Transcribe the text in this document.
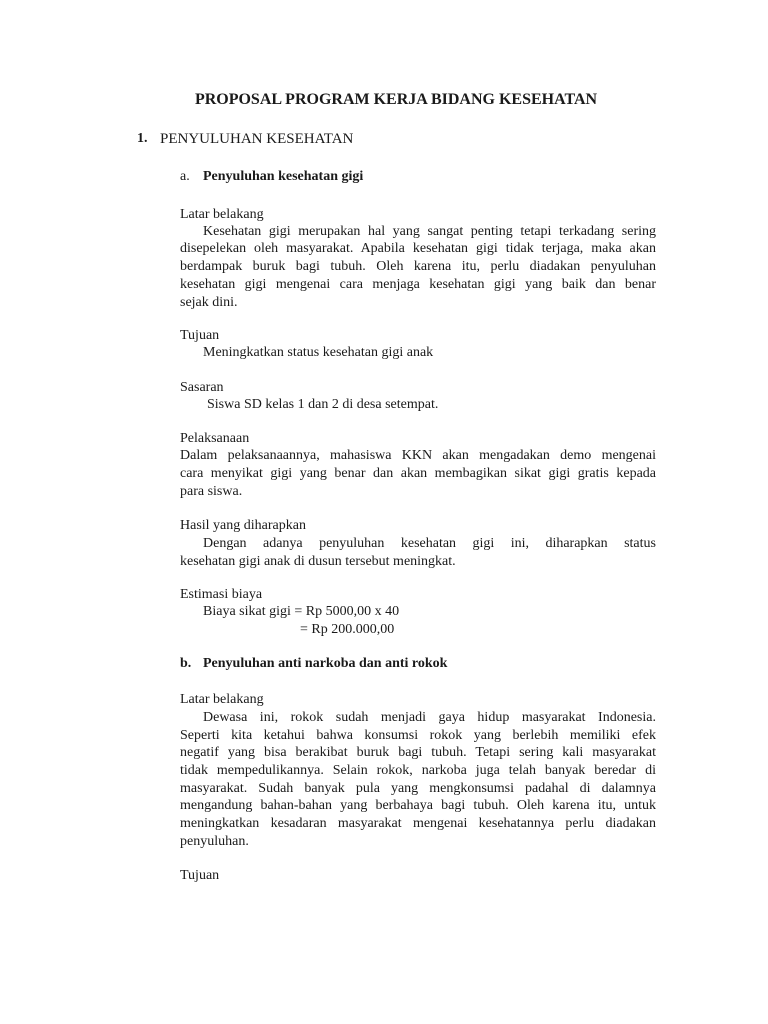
PROPOSAL PROGRAM KERJA BIDANG KESEHATAN
1. PENYULUHAN KESEHATAN
a. Penyuluhan kesehatan gigi
Latar belakang
Kesehatan gigi merupakan hal yang sangat penting tetapi terkadang sering
disepelekan oleh masyarakat. Apabila kesehatan gigi tidak terjaga, maka akan
berdampak buruk bagi tubuh. Oleh karena itu, perlu diadakan penyuluhan
kesehatan gigi mengenai cara menjaga kesehatan gigi yang baik dan benar
sejak dini.
Tujuan
Meningkatkan status kesehatan gigi anak
Sasaran
Siswa SD kelas 1 dan 2 di desa setempat.
Pelaksanaan
Dalam pelaksanaannya, mahasiswa KKN akan mengadakan demo mengenai
cara menyikat gigi yang benar dan akan membagikan sikat gigi gratis kepada
para siswa.
Hasil yang diharapkan
Dengan adanya penyuluhan kesehatan gigi ini, diharapkan status
kesehatan gigi anak di dusun tersebut meningkat.
Estimasi biaya
Biaya sikat gigi = Rp 5000,00 x 40
= Rp 200.000,00
b. Penyuluhan anti narkoba dan anti rokok
Latar belakang
Dewasa ini, rokok sudah menjadi gaya hidup masyarakat Indonesia.
Seperti kita ketahui bahwa konsumsi rokok yang berlebih memiliki efek
negatif yang bisa berakibat buruk bagi tubuh. Tetapi sering kali masyarakat
tidak mempedulikannya. Selain rokok, narkoba juga telah banyak beredar di
masyarakat. Sudah banyak pula yang mengkonsumsi padahal di dalamnya
mengandung bahan-bahan yang berbahaya bagi tubuh. Oleh karena itu, untuk
meningkatkan kesadaran masyarakat mengenai kesehatannya perlu diadakan
penyuluhan.
Tujuan
